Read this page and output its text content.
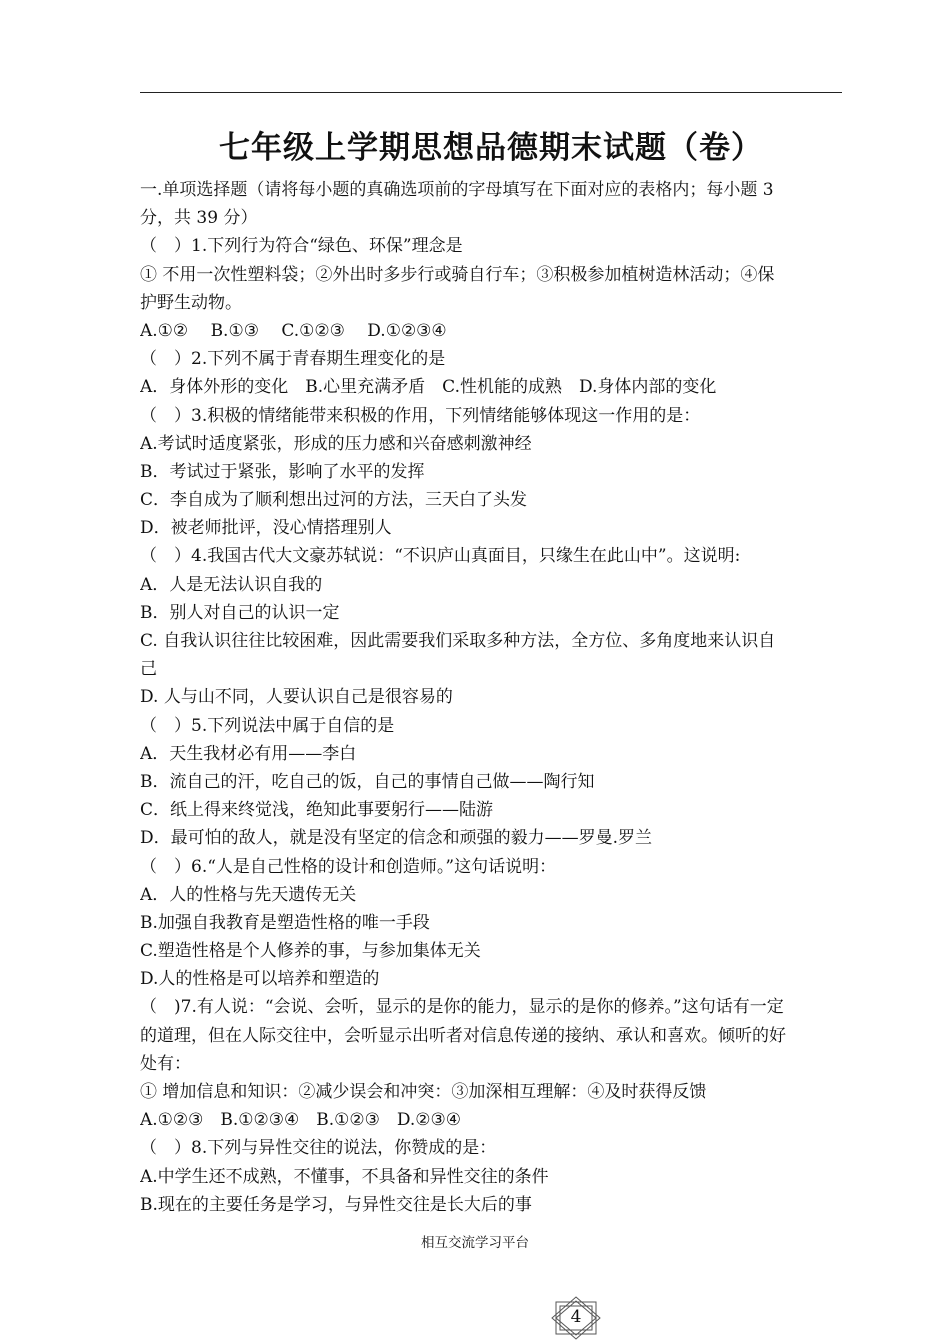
七年级上学期思想品德期末试题（卷）
一.单项选择题（请将每小题的真确选项前的字母填写在下面对应的表格内；每小题 3
分，共 39 分）
（　）1.下列行为符合“绿色、环保”理念是
① 不用一次性塑料袋；②外出时多步行或骑自行车；③积极参加植树造林活动；④保
护野生动物。
A.①②　 B.①③　 C.①②③　 D.①②③④
（　）2.下列不属于青春期生理变化的是
A．身体外形的变化　B.心里充满矛盾　C.性机能的成熟　D.身体内部的变化
（　）3.积极的情绪能带来积极的作用，下列情绪能够体现这一作用的是：
A.考试时适度紧张，形成的压力感和兴奋感刺激神经
B．考试过于紧张，影响了水平的发挥
C．李自成为了顺利想出过河的方法，三天白了头发
D．被老师批评，没心情搭理别人
（　）4.我国古代大文豪苏轼说：“不识庐山真面目，只缘生在此山中”。这说明:
A．人是无法认识自我的
B．别人对自己的认识一定
C. 自我认识往往比较困难，因此需要我们采取多种方法，全方位、多角度地来认识自
己
D. 人与山不同，人要认识自己是很容易的
（　）5.下列说法中属于自信的是
A．天生我材必有用——李白
B．流自己的汗，吃自己的饭，自己的事情自己做——陶行知
C．纸上得来终觉浅，绝知此事要躬行——陆游
D．最可怕的敌人，就是没有坚定的信念和顽强的毅力——罗曼.罗兰
（　）6.“人是自己性格的设计和创造师。”这句话说明：
A．人的性格与先天遗传无关
B.加强自我教育是塑造性格的唯一手段
C.塑造性格是个人修养的事，与参加集体无关
D.人的性格是可以培养和塑造的
（　)7.有人说：“会说、会听，显示的是你的能力，显示的是你的修养。”这句话有一定
的道理，但在人际交往中，会听显示出听者对信息传递的接纳、承认和喜欢。倾听的好
处有：
① 增加信息和知识：②减少误会和冲突：③加深相互理解：④及时获得反馈
A.①②③　B.①②③④　B.①②③　D.②③④
（　）8.下列与异性交往的说法，你赞成的是：
A.中学生还不成熟，不懂事，不具备和异性交往的条件
B.现在的主要任务是学习，与异性交往是长大后的事
相互交流学习平台
4
